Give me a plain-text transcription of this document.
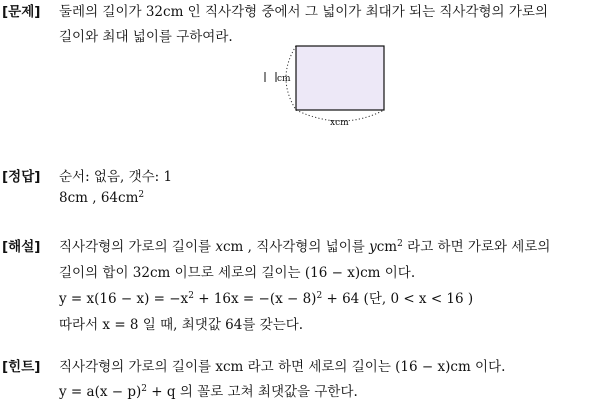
[문제] 둘레의 길이가 32cm 인 직사각형 중에서 그 넓이가 최대가 되는 직사각형의 가로의
길이와 최대 넓이를 구하여라.
cm
xcm
[정답] 순서: 없음, 갯수: 1
8cm , $64cm^2$
[해설] 직사각형의 가로의 길이를 xcm , 직사각형의 넓이를 ycm$^2$ 라고 하면 가로와 세로의
길이의 합이 32cm 이므로 세로의 길이는 (16 − x)cm 이다.
$y = x(16 - x) = -x^2 + 16x = -(x - 8)^2 + 64$ (단, 0 < x < 16 )
따라서 x = 8 일 때, 최댓값 64를 갖는다.
[힌트] 직사각형의 가로의 길이를 xcm 라고 하면 세로의 길이는 (16 − x)cm 이다.
$y = a(x - p)^2 + q$ 의 꼴로 고쳐 최댓값을 구한다.
